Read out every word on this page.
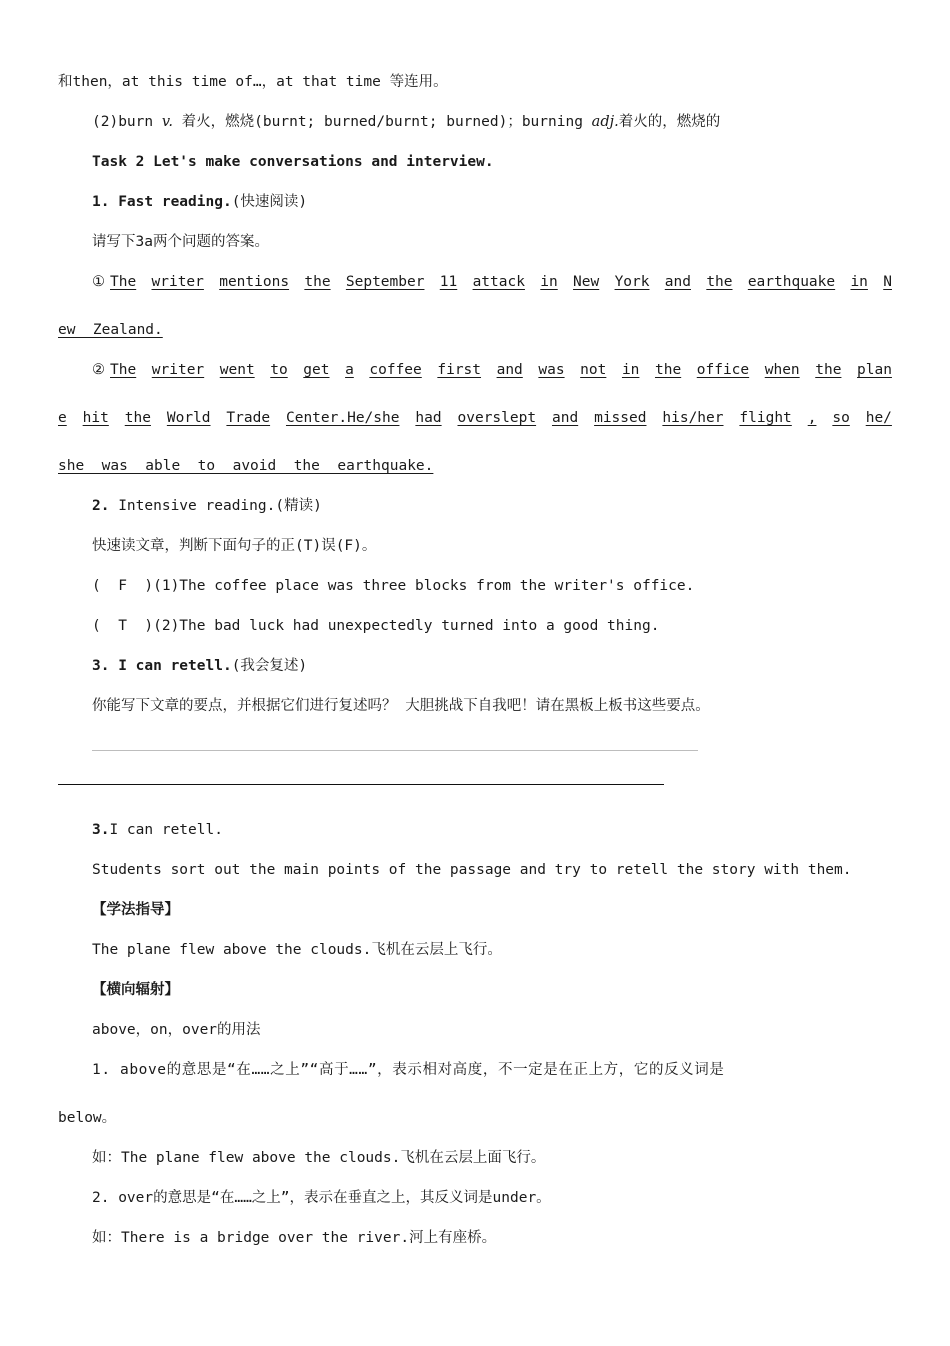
和then，at this time of…，at that time 等连用。
(2)burn v. 着火，燃烧(burnt; burned/burnt; burned)；burning adj.着火的，燃烧的
Task 2 Let's make conversations and interview.
1. Fast reading.(快速阅读)
请写下3a两个问题的答案。
① The writer mentions the September 11 attack in New York and the earthquake in N
ew  Zealand.
② The writer went to get a coffee first and was not in the office when the plan
e hit the World Trade Center.He/she had overslept and missed his/her flight , so he/
she  was  able  to  avoid  the  earthquake.
2. Intensive reading.(精读)
快速读文章，判断下面句子的正(T)误(F)。
(  F  )(1)The coffee place was three blocks from the writer's office.
(  T  )(2)The bad luck had unexpectedly turned into a good thing.
3. I can retell.(我会复述)
你能写下文章的要点，并根据它们进行复述吗？ 大胆挑战下自我吧！请在黑板上板书这些要点。
3.I can retell.
Students sort out the main points of the passage and try to retell the story with them.
【学法指导】
The plane flew above the clouds.飞机在云层上飞行。
【横向辐射】
above，on，over的用法
1. above的意思是“在……之上”“高于……”，表示相对高度，不一定是在正上方，它的反义词是
below。
如：The plane flew above the clouds.飞机在云层上面飞行。
2. over的意思是“在……之上”，表示在垂直之上，其反义词是under。
如：There is a bridge over the river.河上有座桥。
